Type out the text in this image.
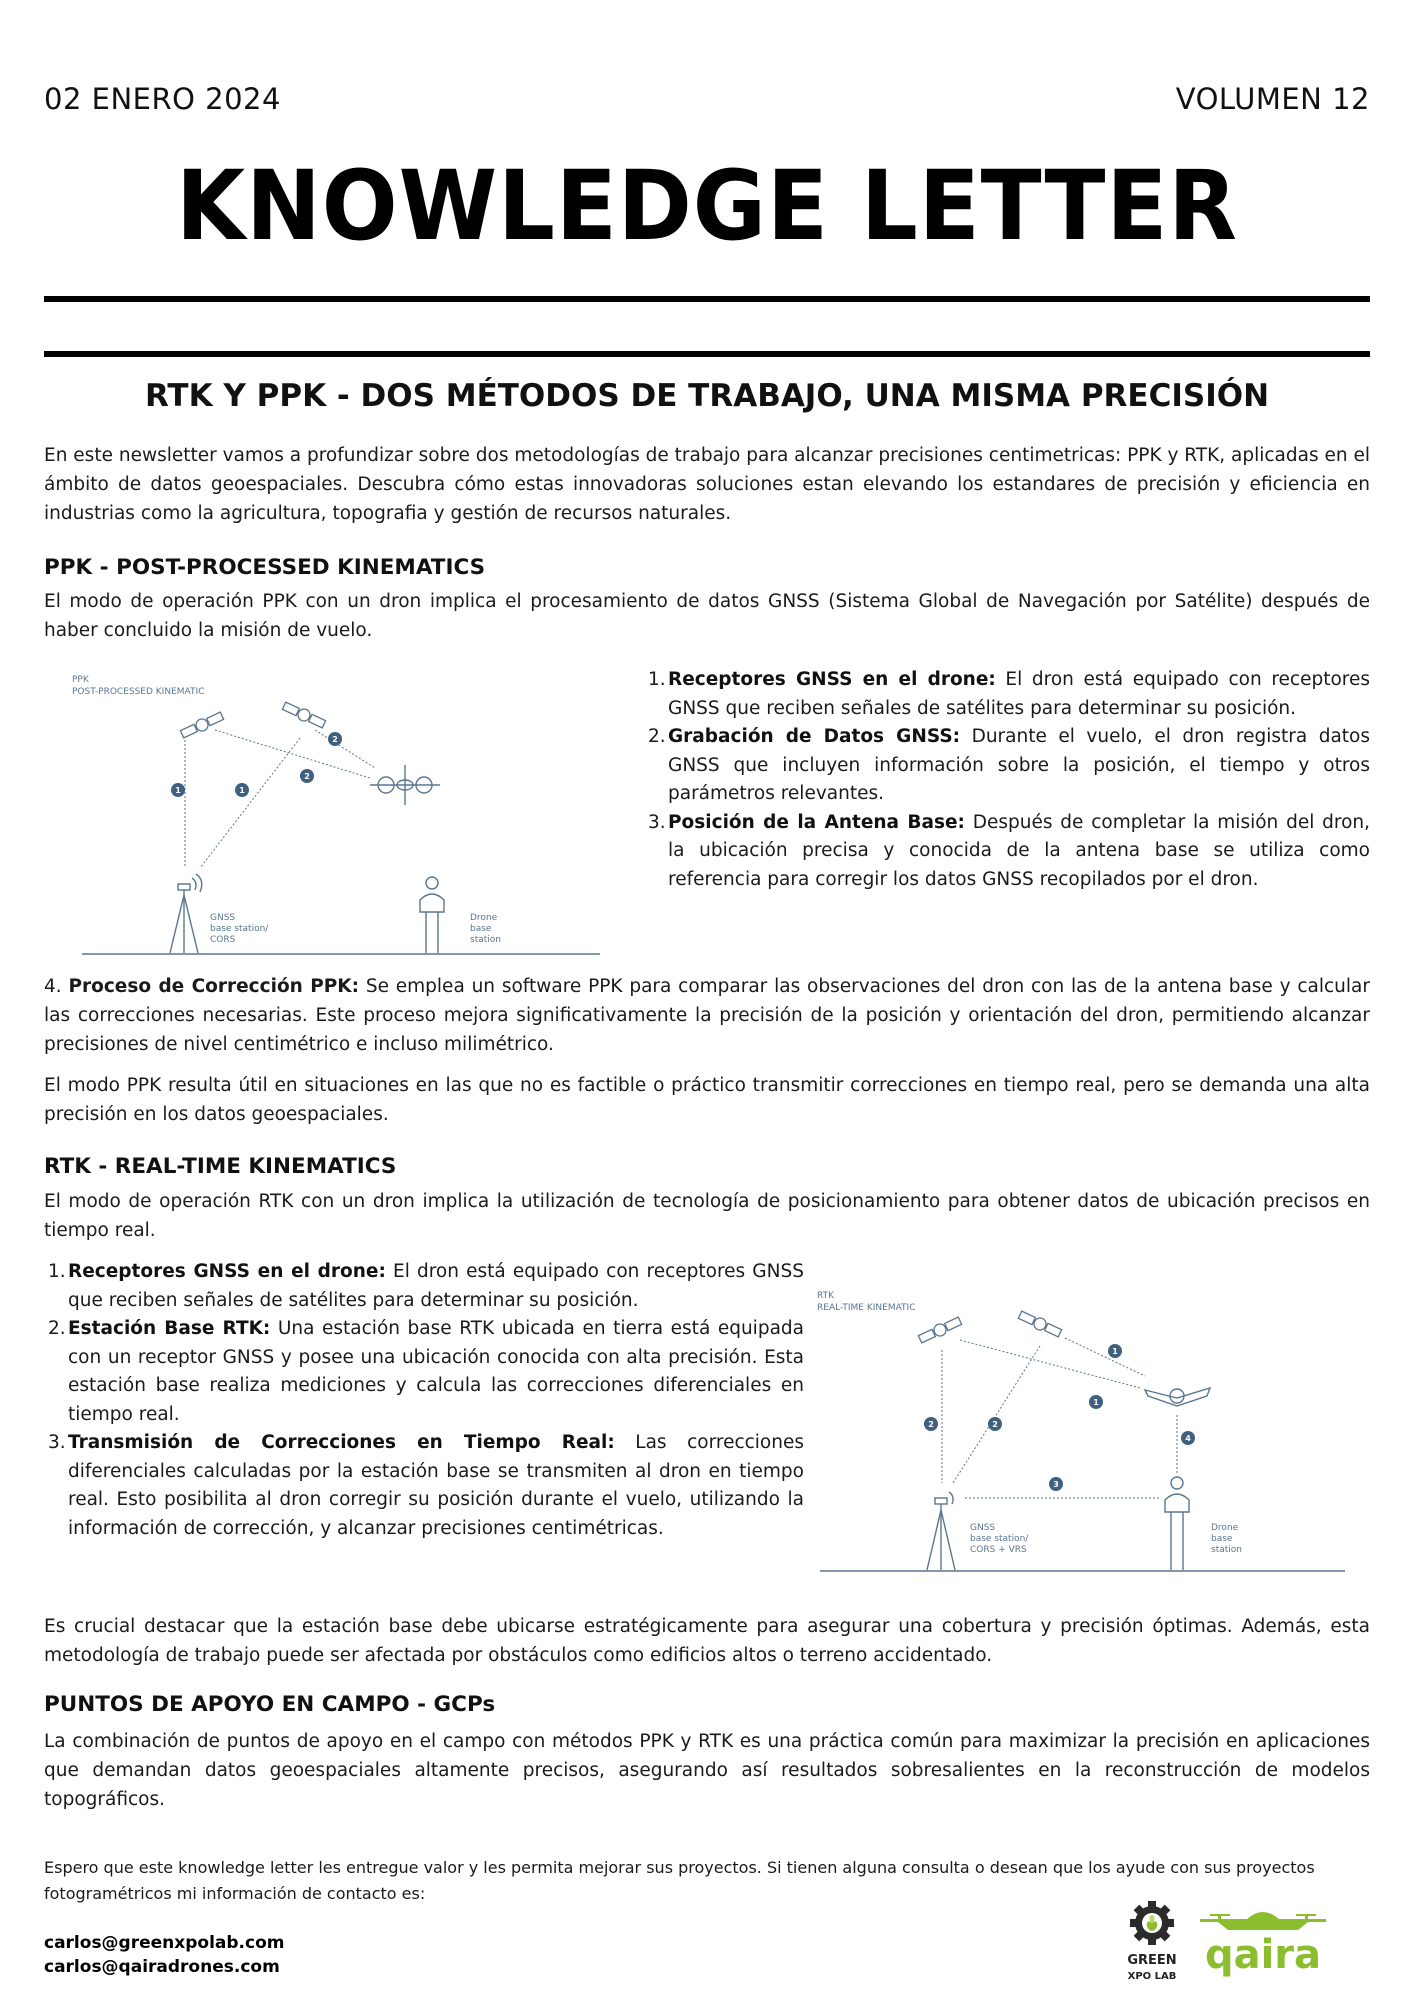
02 ENERO 2024	VOLUMEN 12
KNOWLEDGE LETTER
RTK Y PPK - DOS MÉTODOS DE TRABAJO, UNA MISMA PRECISIÓN

En este newsletter vamos a profundizar sobre dos metodologías de trabajo para alcanzar precisiones centimetricas: PPK y RTK, aplicadas en el ámbito de datos geoespaciales. Descubra cómo estas innovadoras soluciones estan elevando los estandares de precisión y eficiencia en industrias como la agricultura, topografia y gestión de recursos naturales.

PPK - POST-PROCESSED KINEMATICS

El modo de operación PPK con un dron implica el procesamiento de datos GNSS (Sistema Global de Navegación por Satélite) después de haber concluido la misión de vuelo.

PPK
POST-PROCESSED KINEMATIC
1	1
2
2
GNSS
base station/
CORS
Drone
base
station
1. Receptores GNSS en el drone: El dron está equipado con receptores GNSS que reciben señales de satélites para determinar su posición.
2. Grabación de Datos GNSS: Durante el vuelo, el dron registra datos GNSS que incluyen información sobre la posición, el tiempo y otros parámetros relevantes.
3. Posición de la Antena Base: Después de completar la misión del dron, la ubicación precisa y conocida de la antena base se utiliza como referencia para corregir los datos GNSS recopilados por el dron.

4. Proceso de Corrección PPK: Se emplea un software PPK para comparar las observaciones del dron con las de la antena base y calcular las correcciones necesarias. Este proceso mejora significativamente la precisión de la posición y orientación del dron, permitiendo alcanzar precisiones de nivel centimétrico e incluso milimétrico.

El modo PPK resulta útil en situaciones en las que no es factible o práctico transmitir correcciones en tiempo real, pero se demanda una alta precisión en los datos geoespaciales.

RTK - REAL-TIME KINEMATICS

El modo de operación RTK con un dron implica la utilización de tecnología de posicionamiento para obtener datos de ubicación precisos en tiempo real.

1. Receptores GNSS en el drone: El dron está equipado con receptores GNSS que reciben señales de satélites para determinar su posición.
2. Estación Base RTK: Una estación base RTK ubicada en tierra está equipada con un receptor GNSS y posee una ubicación conocida con alta precisión. Esta estación base realiza mediciones y calcula las correcciones diferenciales en tiempo real.
3. Transmisión de Correcciones en Tiempo Real: Las correcciones diferenciales calculadas por la estación base se transmiten al dron en tiempo real. Esto posibilita al dron corregir su posición durante el vuelo, utilizando la información de corrección, y alcanzar precisiones centimétricas.
RTK
REAL-TIME KINEMATIC
1
1
2	2
3
4
GNSS
base station/
CORS + VRS
Drone
base
station

Es crucial destacar que la estación base debe ubicarse estratégicamente para asegurar una cobertura y precisión óptimas. Además, esta metodología de trabajo puede ser afectada por obstáculos como edificios altos o terreno accidentado.

PUNTOS DE APOYO EN CAMPO - GCPs

La combinación de puntos de apoyo en el campo con métodos PPK y RTK es una práctica común para maximizar la precisión en aplicaciones que demandan datos geoespaciales altamente precisos, asegurando así resultados sobresalientes en la reconstrucción de modelos topográficos.

Espero que este knowledge letter les entregue valor y les permita mejorar sus proyectos. Si tienen alguna consulta o desean que los ayude con sus proyectos fotogramétricos mi información de contacto es:

carlos@greenxpolab.com
carlos@qairadrones.com	GREEN
XPO LAB qaira
